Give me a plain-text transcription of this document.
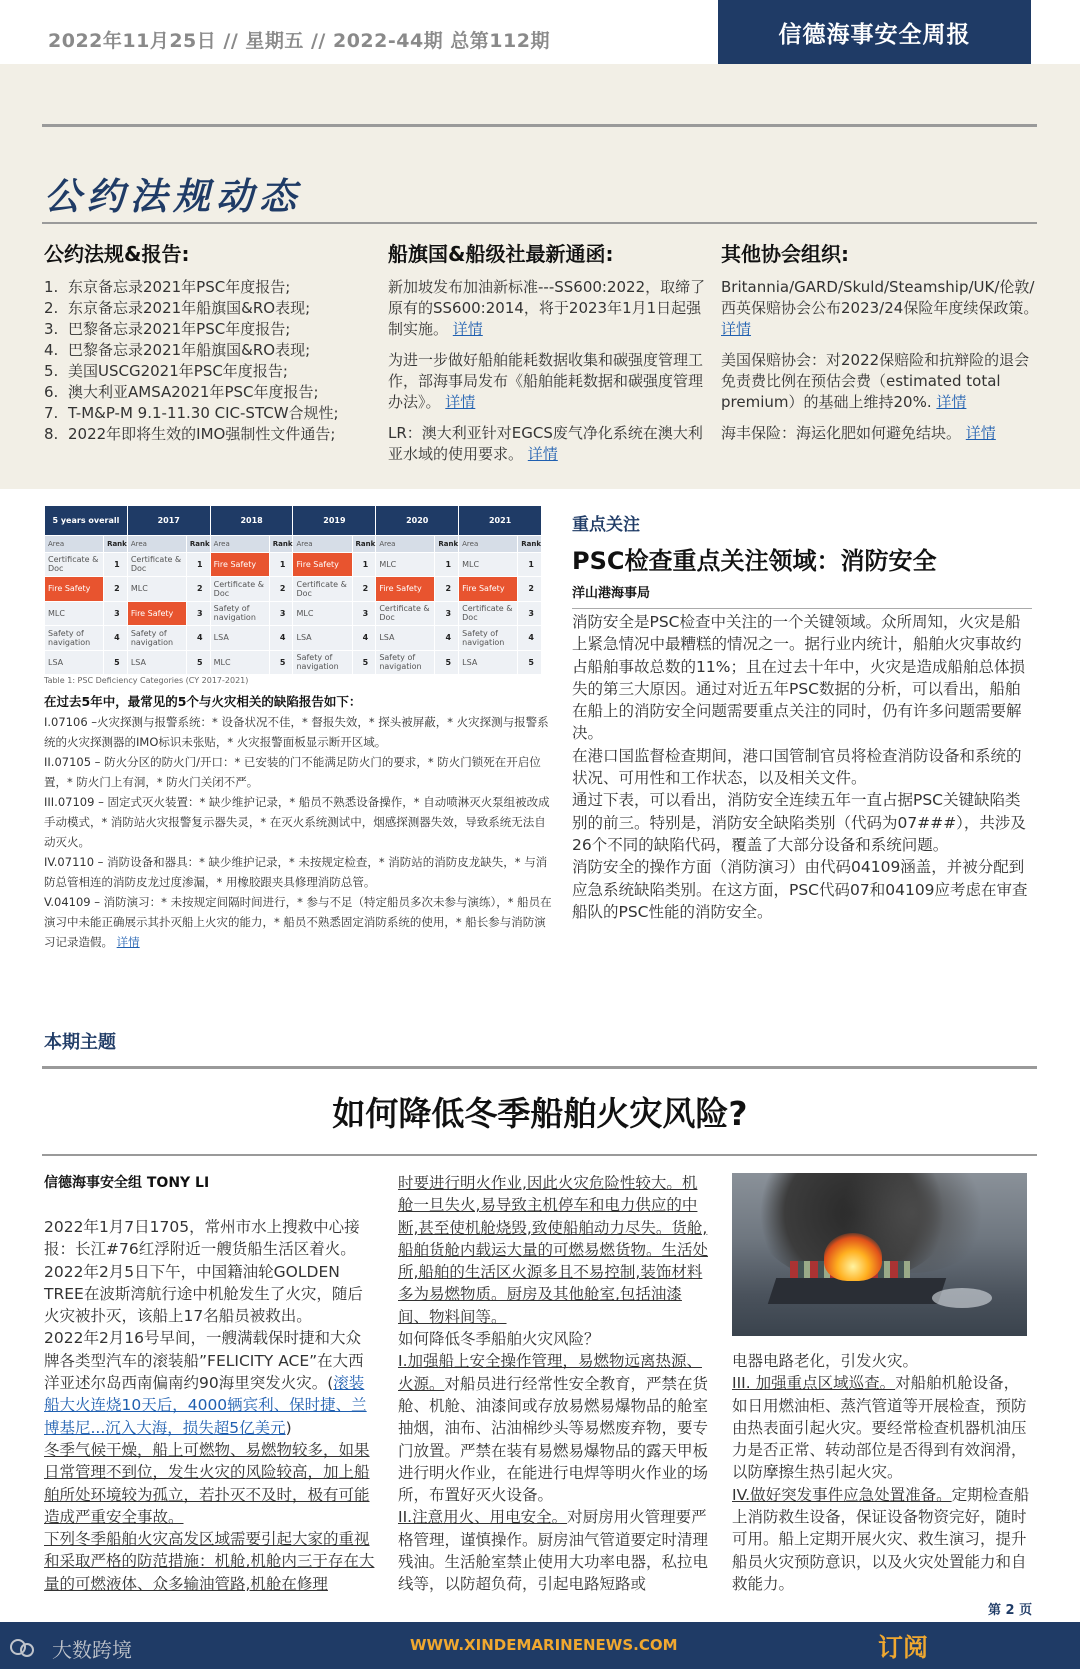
2022年11月25日 // 星期五 // 2022-44期 总第112期	信德海事安全周报
公约法规动态
公约法规&报告:
1. 东京备忘录2021年PSC年度报告;
2. 东京备忘录2021年船旗国&RO表现;
3. 巴黎备忘录2021年PSC年度报告;
4. 巴黎备忘录2021年船旗国&RO表现;
5. 美国USCG2021年PSC年度报告;
6. 澳大利亚AMSA2021年PSC年度报告;
7. T-M&P-M 9.1-11.30 CIC-STCW合规性;
8. 2022年即将生效的IMO强制性文件通告;
船旗国&船级社最新通函:

新加坡发布加油新标准---SS600:2022，取缔了原有的SS600:2014，将于2023年1月1日起强制实施。 详情

为进一步做好船舶能耗数据收集和碳强度管理工作，部海事局发布《船舶能耗数据和碳强度管理办法》。 详情

LR：澳大利亚针对EGCS废气净化系统在澳大利亚水域的使用要求。 详情

其他协会组织:

Britannia/GARD/Skuld/Steamship/UK/伦敦/西英保赔协会公布2023/24保险年度续保政策。 详情

美国保赔协会：对2022保赔险和抗辩险的退会免责费比例在预估会费（estimated total premium）的基础上维持20%. 详情

海丰保险：海运化肥如何避免结块。 详情

5 years overall		2017		2018		2019		2020		2021	
Area	Rank	Area	Rank	Area	Rank	Area	Rank	Area	Rank	Area	Rank
Certificate & Doc	1	Certificate & Doc	1	Fire Safety	1	Fire Safety	1	MLC	1	MLC	1
Fire Safety	2	MLC	2	Certificate & Doc	2	Certificate & Doc	2	Fire Safety	2	Fire Safety	2
MLC	3	Fire Safety	3	Safety of navigation	3	MLC	3	Certificate & Doc	3	Certificate & Doc	3
Safety of navigation	4	Safety of navigation	4	LSA	4	LSA	4	LSA	4	Safety of navigation	4
LSA	5	LSA	5	MLC	5	Safety of navigation	5	Safety of navigation	5	LSA	5
Table 1: PSC Deficiency Categories (CY 2017-2021)
在过去5年中，最常见的5个与火灾相关的缺陷报告如下：
I.07106 –火灾探测与报警系统：* 设备状况不佳，* 督报失效，* 探头被屏蔽，* 火灾探测与报警系统的火灾探测器的IMO标识未张贴，* 火灾报警面板显示断开区域。
II.07105 – 防火分区的防火门/开口：* 已安装的门不能满足防火门的要求，* 防火门锁死在开启位置，* 防火门上有洞，* 防火门关闭不严。
III.07109 – 固定式灭火装置：* 缺少维护记录，* 船员不熟悉设备操作，* 自动喷淋灭火泵组被改成手动模式，* 消防站火灾报警复示器失灵，* 在灭火系统测试中，烟感探测器失效，导致系统无法自动灭火。
IV.07110 – 消防设备和器具：* 缺少维护记录，* 未按规定检查，* 消防站的消防皮龙缺失，* 与消防总管相连的消防皮龙过度渗漏，* 用橡胶跟夹具修理消防总管。
V.04109 – 消防演习：* 未按规定间隔时间进行，* 参与不足（特定船员多次未参与演练），* 船员在演习中未能正确展示其扑灭船上火灾的能力，* 船员不熟悉固定消防系统的使用，* 船长参与消防演习记录造假。 详情
重点关注
PSC检查重点关注领域：消防安全
洋山港海事局
消防安全是PSC检查中关注的一个关键领域。众所周知，火灾是船上紧急情况中最糟糕的情况之一。据行业内统计，船舶火灾事故约占船舶事故总数的11%；且在过去十年中，火灾是造成船舶总体损失的第三大原因。通过对近五年PSC数据的分析，可以看出，船舶在船上的消防安全问题需要重点关注的同时，仍有许多问题需要解决。
在港口国监督检查期间，港口国管制官员将检查消防设备和系统的状况、可用性和工作状态，以及相关文件。
通过下表，可以看出，消防安全连续五年一直占据PSC关键缺陷类别的前三。特别是，消防安全缺陷类别（代码为07###），共涉及26个不同的缺陷代码，覆盖了大部分设备和系统问题。
消防安全的操作方面（消防演习）由代码04109涵盖，并被分配到应急系统缺陷类别。在这方面，PSC代码07和04109应考虑在审查船队的PSC性能的消防安全。
本期主题
如何降低冬季船舶火灾风险?
信德海事安全组 TONY LI
2022年1月7日1705，常州市水上搜救中心接报：长江#76红浮附近一艘货船生活区着火。
2022年2月5日下午，中国籍油轮GOLDEN TREE在波斯湾航行途中机舱发生了火灾，随后火灾被扑灭，该船上17名船员被救出。
2022年2月16号早间，一艘满载保时捷和大众牌各类型汽车的滚装船”FELICITY ACE”在大西洋亚述尔岛西南偏南约90海里突发火灾。(滚装船大火连烧10天后，4000辆宾利、保时捷、兰博基尼...沉入大海，损失超5亿美元)
冬季气候干燥，船上可燃物、易燃物较多，如果日常管理不到位，发生火灾的风险较高，加上船舶所处环境较为孤立，若扑灭不及时，极有可能造成严重安全事故。
下列冬季船舶火灾高发区域需要引起大家的重视和采取严格的防范措施：机舱,机舱内三于存在大量的可燃液体、众多输油管路,机舱在修理
时要进行明火作业,因此火灾危险性较大。机舱一旦失火,易导致主机停车和电力供应的中断,甚至使机舱烧毁,致使船舶动力尽失。货舱,船舶货舱内载运大量的可燃易燃货物。生活处所,船舶的生活区火源多且不易控制,装饰材料多为易燃物质。厨房及其他舱室,包括油漆间、物料间等。
如何降低冬季船舶火灾风险？
I.加强船上安全操作管理，易燃物远离热源、火源。对船员进行经常性安全教育，严禁在货舱、机舱、油漆间或存放易燃易爆物品的舱室抽烟，油布、沾油棉纱头等易燃废弃物，要专门放置。严禁在装有易燃易爆物品的露天甲板进行明火作业，在能进行电焊等明火作业的场所，布置好灭火设备。
II.注意用火、用电安全。对厨房用火管理要严格管理，谨慎操作。厨房油气管道要定时清理残油。生活舱室禁止使用大功率电器，私拉电线等，以防超负荷，引起电路短路或
电器电路老化，引发火灾。
III. 加强重点区域巡查。对船舶机舱设备，如日用燃油柜、蒸汽管道等开展检查，预防由热表面引起火灾。要经常检查机器机油压力是否正常、转动部位是否得到有效润滑，以防摩擦生热引起火灾。
IV.做好突发事件应急处置准备。定期检查船上消防救生设备，保证设备物资完好，随时可用。船上定期开展火灾、救生演习，提升船员火灾预防意识，以及火灾处置能力和自救能力。
第 2 页
大数跨境	WWW.XINDEMARINENEWS.COM	订阅
